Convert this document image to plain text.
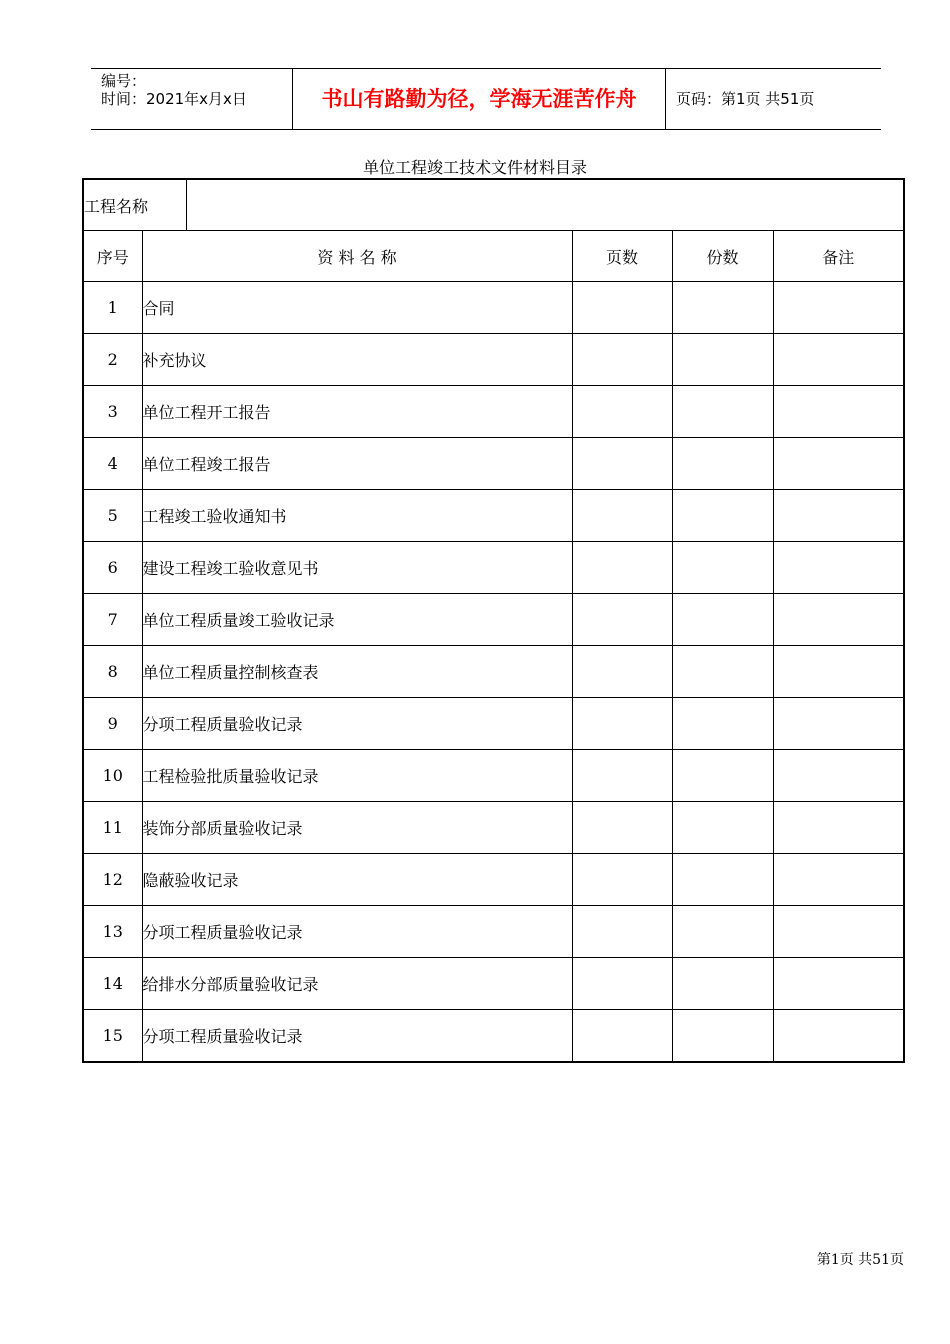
编号：
时间：2021年x月x日	书山有路勤为径，学海无涯苦作舟	页码：第1页 共51页
单位工程竣工技术文件材料目录
工程名称					
序号	资 料 名 称		页数	份数	备注
1	合同				
2	补充协议				
3	单位工程开工报告				
4	单位工程竣工报告				
5	工程竣工验收通知书				
6	建设工程竣工验收意见书				
7	单位工程质量竣工验收记录				
8	单位工程质量控制核查表				
9	分项工程质量验收记录				
10	工程检验批质量验收记录				
11	装饰分部质量验收记录				
12	隐蔽验收记录				
13	分项工程质量验收记录				
14	给排水分部质量验收记录				
15	分项工程质量验收记录				
第1页 共51页
